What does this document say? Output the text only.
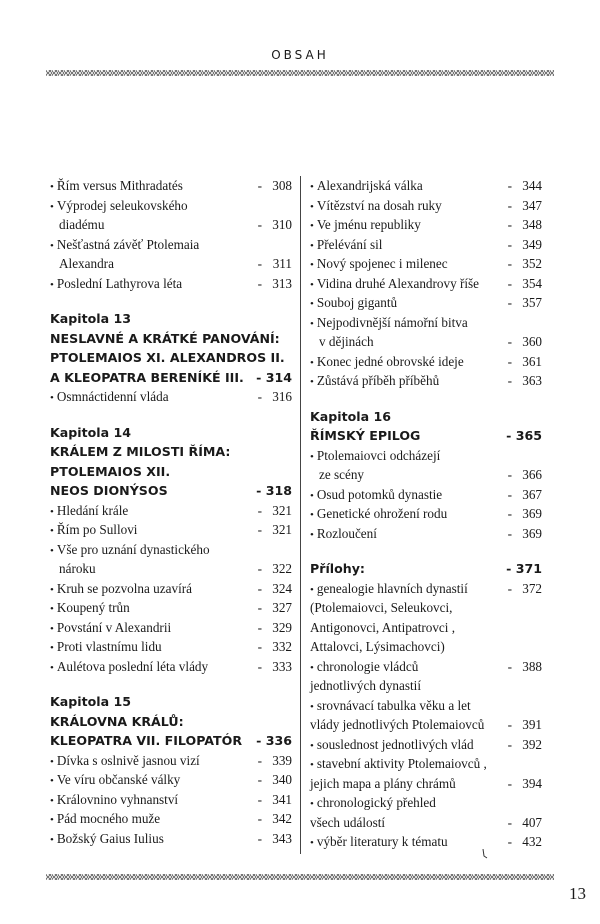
OBSAH
• Řím versus Mithradatés	- 308
• Výprodej seleukovského
diadému	- 310
• Nešťastná závěť Ptolemaia
Alexandra	- 311
• Poslední Lathyrova léta	- 313
Kapitola 13
NESLAVNÉ A KRÁTKÉ PANOVÁNÍ:
PTOLEMAIOS XI. ALEXANDROS II.
A KLEOPATRA BERENÍKÉ III. - 314
• Osmnáctidenní vláda	- 316
Kapitola 14
KRÁLEM Z MILOSTI ŘÍMA:
PTOLEMAIOS XII.
NEOS DIONÝSOS	- 318
• Hledání krále	- 321
• Řím po Sullovi	- 321
• Vše pro uznání dynastického
nároku	- 322
• Kruh se pozvolna uzavírá	- 324
• Koupený trůn	- 327
• Povstání v Alexandrii	- 329
• Proti vlastnímu lidu	- 332
• Aulétova poslední léta vlády	- 333
Kapitola 15
KRÁLOVNA KRÁLŮ:
KLEOPATRA VII. FILOPATÓR - 336
• Dívka s oslnivě jasnou vizí	- 339
• Ve víru občanské války	- 340
• Královnino vyhnanství	- 341
• Pád mocného muže	- 342
• Božský Gaius Iulius	- 343
• Alexandrijská válka	- 344
• Vítězství na dosah ruky	- 347
• Ve jménu republiky	- 348
• Přelévání sil	- 349
• Nový spojenec i milenec	- 352
• Vidina druhé Alexandrovy říše - 354
• Souboj gigantů	- 357
• Nejpodivnější námořní bitva
v dějinách	- 360
• Konec jedné obrovské ideje	- 361
• Zůstává příběh příběhů	- 363
Kapitola 16
ŘÍMSKÝ EPILOG	- 365
• Ptolemaiovci odcházejí
ze scény	- 366
• Osud potomků dynastie	- 367
• Genetické ohrožení rodu	- 369
• Rozloučení	- 369
Přílohy:	- 371
• genealogie hlavních dynastií	- 372
(Ptolemaiovci, Seleukovci,
Antigonovci, Antipatrovci ,
Attalovci, Lýsimachovci)
• chronologie vládců	- 388
jednotlivých dynastií
• srovnávací tabulka věku a let
vlády jednotlivých Ptolemaiovců - 391
• souslednost jednotlivých vlád	- 392
• stavební aktivity Ptolemaiovců ,
jejich mapa a plány chrámů	- 394
• chronologický přehled
všech událostí	- 407
• výběr literatury k tématu	- 432
13
